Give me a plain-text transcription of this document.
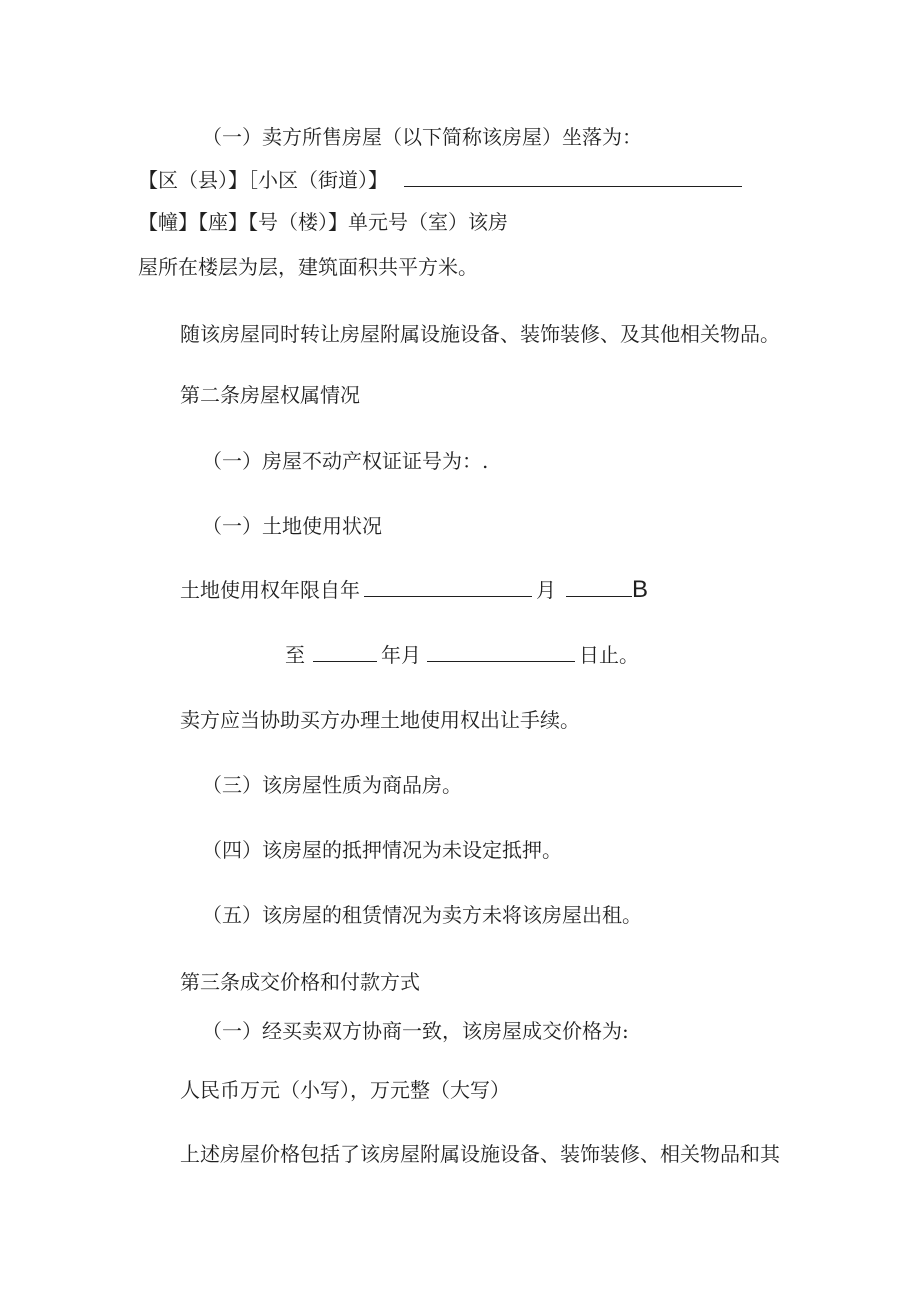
（一）卖方所售房屋（以下简称该房屋）坐落为：
【区（县）】［小区（街道）】
【幢】【座】【号（楼）】单元号（室）该房
屋所在楼层为层，建筑面积共平方米。
随该房屋同时转让房屋附属设施设备、装饰装修、及其他相关物品。
第二条房屋权属情况
（一）房屋不动产权证证号为：.
（一）土地使用状况
土地使用权年限自年	月	B
至	年月	日止。
卖方应当协助买方办理土地使用权出让手续。
（三）该房屋性质为商品房。
（四）该房屋的抵押情况为未设定抵押。
（五）该房屋的租赁情况为卖方未将该房屋出租。
第三条成交价格和付款方式
（一）经买卖双方协商一致，该房屋成交价格为:
人民币万元（小写），万元整（大写）
上述房屋价格包括了该房屋附属设施设备、装饰装修、相关物品和其
